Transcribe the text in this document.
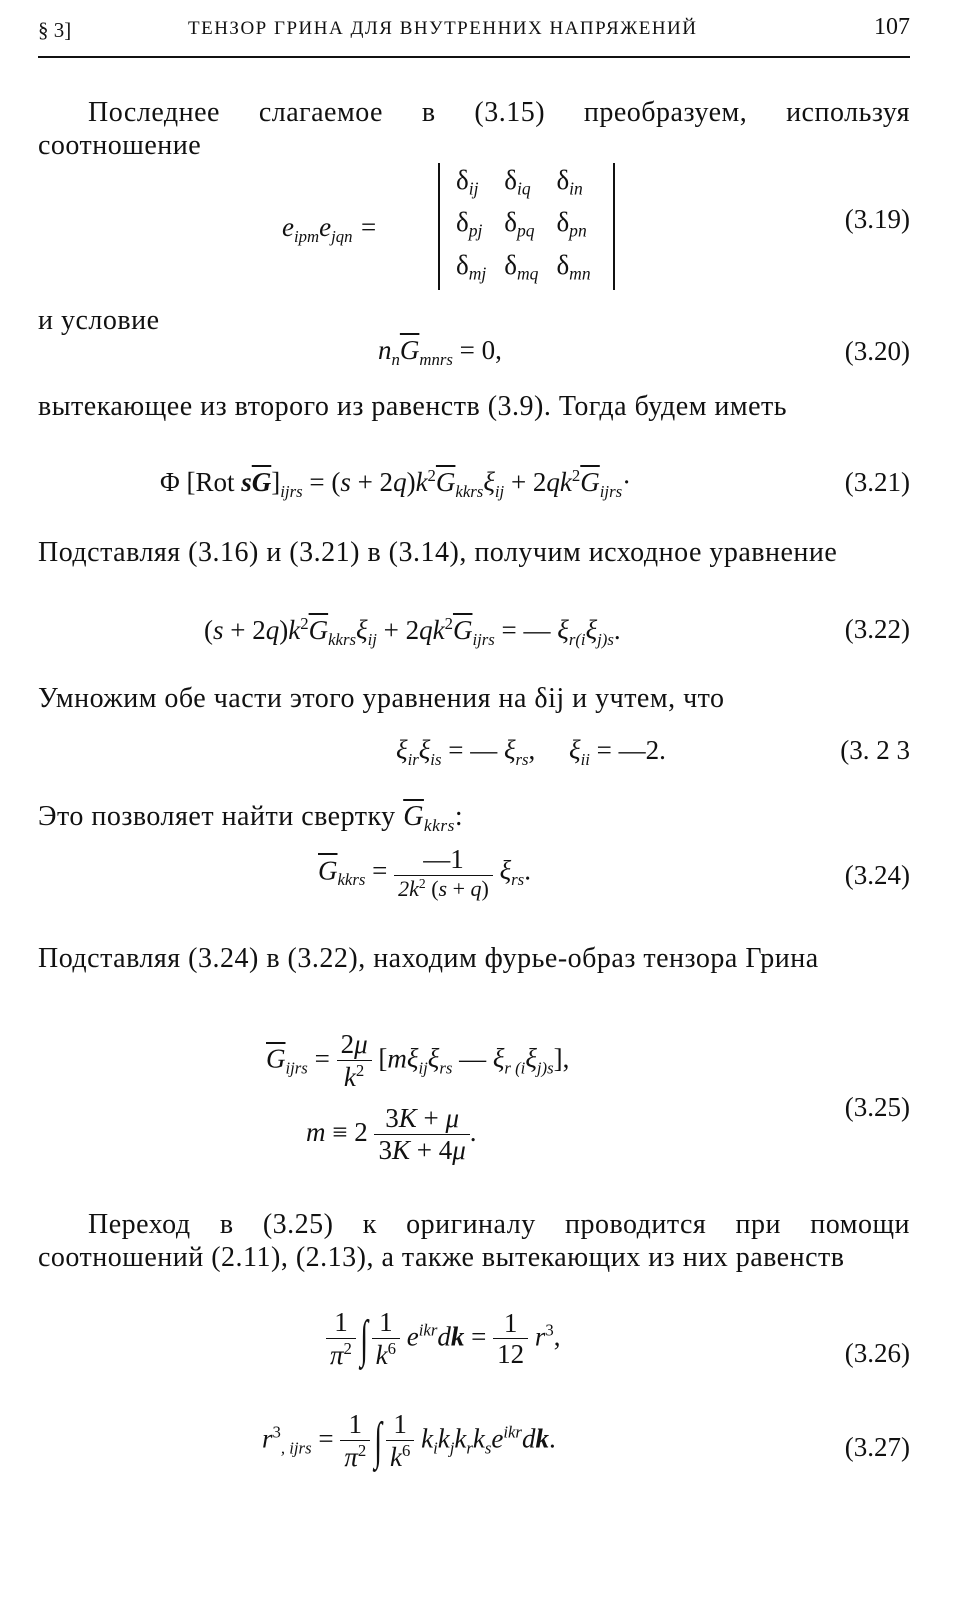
§ 3]	ТЕНЗОР ГРИНА ДЛЯ ВНУТРЕННИХ НАПРЯЖЕНИЙ	107

Последнее слагаемое в (3.15) преобразуем, используя соотношение

$e_{ipm}e_{jqn}$ =
δij	δiq	δin
δpj	δpq	δpn
δmj	δmq	δmn
(3.19)

и условие

$n_n\overline{G}_{mnrs} = 0$,	(3.20)

вытекающее из второго из равенств (3.9). Тогда будем иметь

Φ [Rot $s\overline{G}]_{ijrs} = (s + 2q)k^2\overline{G}_{kkrs}\xi_{ij} + 2qk^2\overline{G}_{ijrs}\cdot$	(3.21)

Подставляя (3.16) и (3.21) в (3.14), получим исходное уравнение

$(s + 2q)k^2\overline{G}_{kkrs}\xi_{ij} + 2qk^2\overline{G}_{ijrs}$ = — $\xi_{r(i}\xi_{j)s}$.	(3.22)

Умножим обе части этого уравнения на δij и учтем, что

$\xi_{ir}\xi_{is}$ = — $\xi_{rs}$,     $\xi_{ii}$ = —2.	(3. 2 3

Это позволяет найти свертку $\overline{G}_{kkrs}$:

$\overline{G}_{kkrs} = \frac{—1}{2k^2 (s + q)} \xi_{rs}$.	(3.24)

Подставляя (3.24) в (3.22), находим фурье-образ тензора Грина

$\overline{G}_{ijrs} = \frac{2\mu}{k^2} [m\xi_{ij}\xi_{rs}$ — $\xi_{r (i}\xi_{j)s}$],
$m \equiv 2 \frac{3K + \mu}{3K + 4\mu}$ .
(3.25)

Переход в (3.25) к оригиналу проводится при помощи соотношений (2.11), (2.13), а также вытекающих из них равенств

$\frac{1}{\pi^2}$ ∫ $\frac{1}{k^6} e^{ikr}dk = \frac{1}{12} r^3$,
(3.26)
$r^3_{, ijrs} = \frac{1}{\pi^2}$ ∫ $\frac{1}{k^6} k_ik_jk_rk_se^{ikr}dk$.	(3.27)
